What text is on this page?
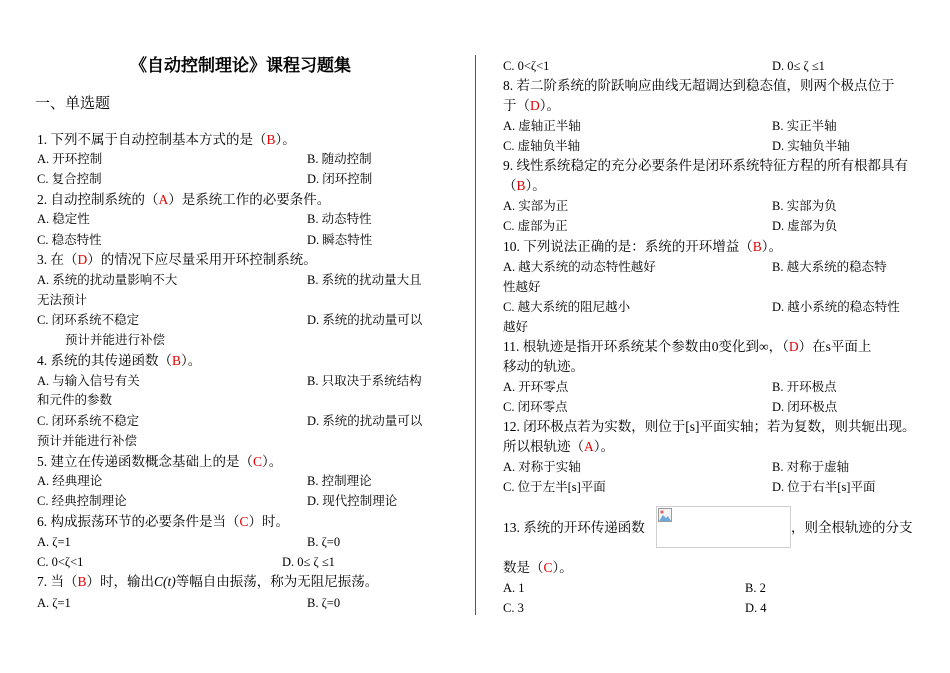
《自动控制理论》课程习题集
一、单选题
1. 下列不属于自动控制基本方式的是（B）。
A. 开环控制	B. 随动控制
C. 复合控制	D. 闭环控制
2. 自动控制系统的（A）是系统工作的必要条件。
A. 稳定性	B. 动态特性
C. 稳态特性	D. 瞬态特性
3. 在（D）的情况下应尽量采用开环控制系统。
A. 系统的扰动量影响不大	B. 系统的扰动量大且
无法预计
C. 闭环系统不稳定	D. 系统的扰动量可以
预计并能进行补偿
4. 系统的其传递函数（B）。
A. 与输入信号有关	B. 只取决于系统结构
和元件的参数
C. 闭环系统不稳定	D. 系统的扰动量可以
预计并能进行补偿
5. 建立在传递函数概念基础上的是（C）。
A. 经典理论	B. 控制理论
C. 经典控制理论	D. 现代控制理论
6. 构成振荡环节的必要条件是当（C）时。
A. ζ=1	B. ζ=0
C. 0<ζ<1	D. 0≤ ζ ≤1
7. 当（B）时，输出C(t)等幅自由振荡，称为无阻尼振荡。
A. ζ=1	B. ζ=0
C. 0<ζ<1	D. 0≤ ζ ≤1
8. 若二阶系统的阶跃响应曲线无超调达到稳态值，则两个极点位于
于（D）。
A. 虚轴正半轴	B. 实正半轴
C. 虚轴负半轴	D. 实轴负半轴
9. 线性系统稳定的充分必要条件是闭环系统特征方程的所有根都具有
（B）。
A. 实部为正	B. 实部为负
C. 虚部为正	D. 虚部为负
10. 下列说法正确的是：系统的开环增益（B）。
A. 越大系统的动态特性越好	B. 越大系统的稳态特
性越好
C. 越大系统的阻尼越小	D. 越小系统的稳态特性
越好
11. 根轨迹是指开环系统某个参数由0变化到∞，（D）在s平面上
移动的轨迹。
A. 开环零点	B. 开环极点
C. 闭环零点	D. 闭环极点
12. 闭环极点若为实数，则位于[s]平面实轴；若为复数，则共轭出现。
所以根轨迹（A）。
A. 对称于实轴	B. 对称于虚轴
C. 位于左半[s]平面	D. 位于右半[s]平面
13. 系统的开环传递函数	，则全根轨迹的分支
数是（C）。
A. 1	B. 2
C. 3	D. 4
